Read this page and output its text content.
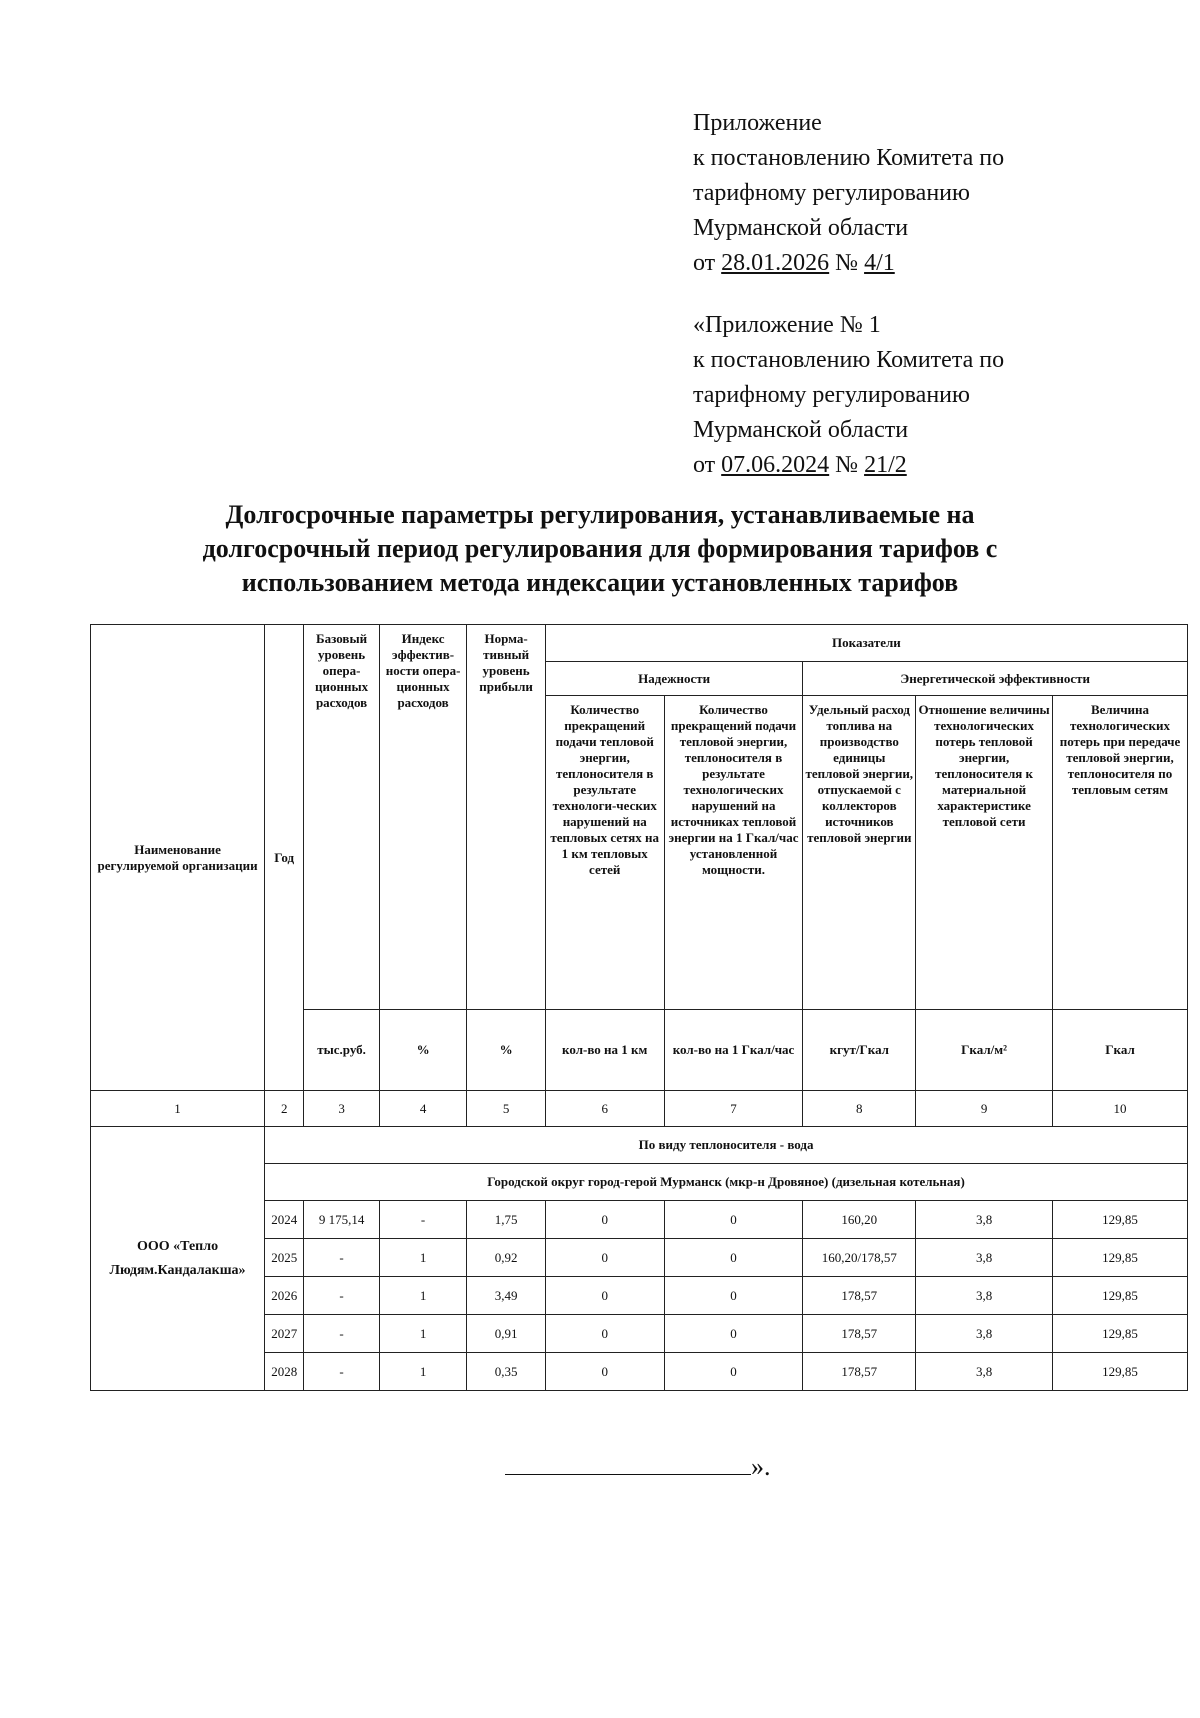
Приложение
к постановлению Комитета по
тарифному регулированию
Мурманской области
от 28.01.2026 № 4/1
«Приложение № 1
к постановлению Комитета по
тарифному регулированию
Мурманской области
от 07.06.2024 № 21/2
Долгосрочные параметры регулирования, устанавливаемые на
долгосрочный период регулирования для формирования тарифов с
использованием метода индексации установленных тарифов
Наименование регулируемой организации	Год	Базовый уровень опера-ционных расходов	Индекс эффектив-ности опера-ционных расходов	Норма-тивный уровень прибыли	Показатели				
					Надежности		Энергетической эффективности		
					Количество прекращений подачи тепловой энергии, теплоносителя в результате технологи-ческих нарушений на тепловых сетях на 1 км тепловых сетей	Количество прекращений подачи тепловой энергии, теплоносителя в результате технологических нарушений на источниках тепловой энергии на 1 Гкал/час установленной мощности.	Удельный расход топлива на производство единицы тепловой энергии, отпускаемой с коллекторов источников тепловой энергии	Отношение величины технологических потерь тепловой энергии, теплоносителя к материальной характеристике тепловой сети	Величина технологических потерь при передаче тепловой энергии, теплоносителя по тепловым сетям
		тыс.руб.	%	%	кол-во на 1 км	кол-во на 1 Гкал/час	кгут/Гкал	Гкал/м²	Гкал
1	2	3	4	5	6	7	8	9	10
ООО «Тепло Людям.Кандалакша»	По виду теплоносителя - вода								
	Городской округ город-герой Мурманск (мкр-н Дровяное) (дизельная котельная)								
	2024	9 175,14	-	1,75	0	0	160,20	3,8	129,85
	2025	-	1	0,92	0	0	160,20/178,57	3,8	129,85
	2026	-	1	3,49	0	0	178,57	3,8	129,85
	2027	-	1	0,91	0	0	178,57	3,8	129,85
	2028	-	1	0,35	0	0	178,57	3,8	129,85
».
